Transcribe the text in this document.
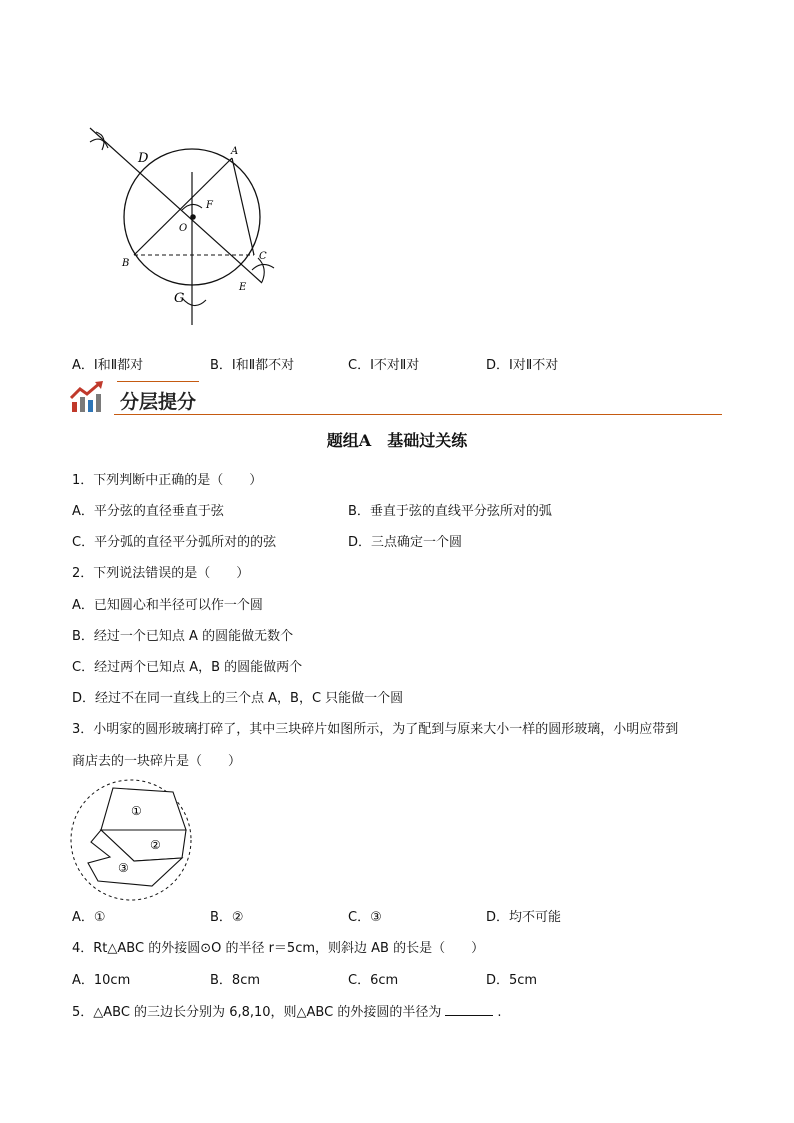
D	A
F
O
B
C
E
G
A．Ⅰ和Ⅱ都对	B．Ⅰ和Ⅱ都不对	C．Ⅰ不对Ⅱ对	D．Ⅰ对Ⅱ不对
分层提分
题组A　基础过关练
1．下列判断中正确的是（　　）
A．平分弦的直径垂直于弦	B．垂直于弦的直线平分弦所对的弧
C．平分弧的直径平分弧所对的的弦	D．三点确定一个圆
2．下列说法错误的是（　　）
A．已知圆心和半径可以作一个圆
B．经过一个已知点 A 的圆能做无数个
C．经过两个已知点 A，B 的圆能做两个
D．经过不在同一直线上的三个点 A，B，C 只能做一个圆
3．小明家的圆形玻璃打碎了，其中三块碎片如图所示，为了配到与原来大小一样的圆形玻璃，小明应带到
商店去的一块碎片是（　　）
①
②
③
A．①	B．②	C．③	D．均不可能
4．Rt△ABC 的外接圆⊙O 的半径 r＝5cm，则斜边 AB 的长是（　　）
A．10cm	B．8cm	C．6cm	D．5cm
5．△ABC 的三边长分别为 6,8,10，则△ABC 的外接圆的半径为	.
